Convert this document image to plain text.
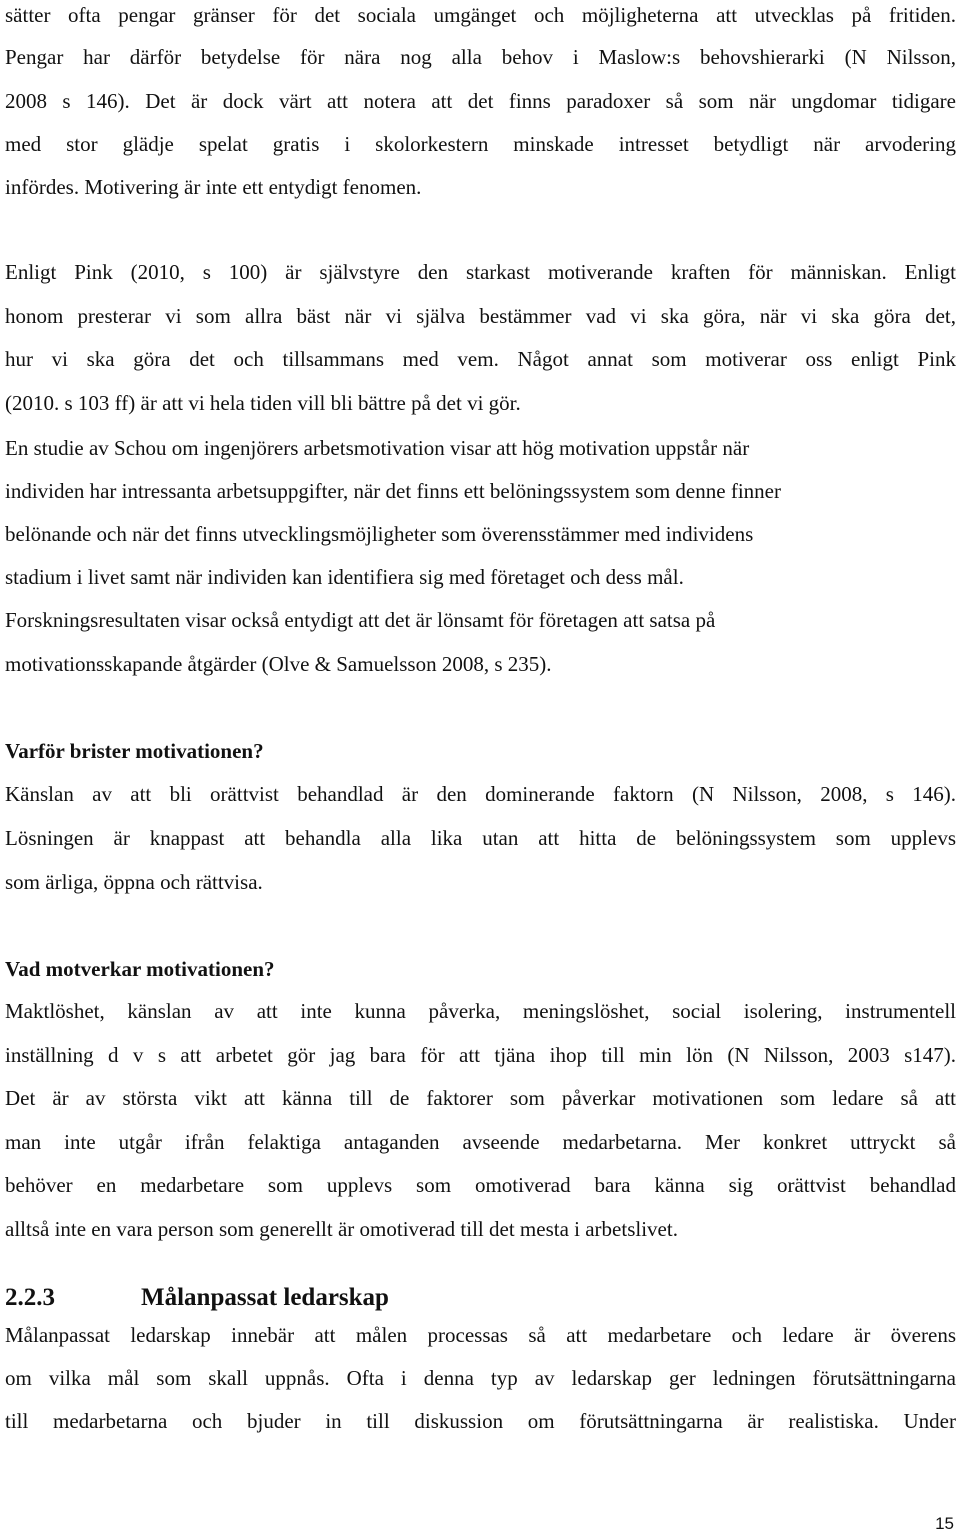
sätter ofta pengar gränser för det sociala umgänget och möjligheterna att utvecklas på fritiden.
Pengar har därför betydelse för nära nog alla behov i Maslow:s behovshierarki (N Nilsson,
2008 s 146). Det är dock värt att notera att det finns paradoxer så som när ungdomar tidigare
med stor glädje spelat gratis i skolorkestern minskade intresset betydligt när arvodering
infördes. Motivering är inte ett entydigt fenomen.
Enligt Pink (2010, s 100) är självstyre den starkast motiverande kraften för människan. Enligt
honom presterar vi som allra bäst när vi själva bestämmer vad vi ska göra, när vi ska göra det,
hur vi ska göra det och tillsammans med vem. Något annat som motiverar oss enligt Pink
(2010. s 103 ff) är att vi hela tiden vill bli bättre på det vi gör.
En studie av Schou om ingenjörers arbetsmotivation visar att hög motivation uppstår när
individen har intressanta arbetsuppgifter, när det finns ett belöningssystem som denne finner
belönande och när det finns utvecklingsmöjligheter som överensstämmer med individens
stadium i livet samt när individen kan identifiera sig med företaget och dess mål.
Forskningsresultaten visar också entydigt att det är lönsamt för företagen att satsa på
motivationsskapande åtgärder (Olve & Samuelsson 2008, s 235).
Varför brister motivationen?
Känslan av att bli orättvist behandlad är den dominerande faktorn (N Nilsson, 2008, s 146).
Lösningen är knappast att behandla alla lika utan att hitta de belöningssystem som upplevs
som ärliga, öppna och rättvisa.
Vad motverkar motivationen?
Maktlöshet, känslan av att inte kunna påverka, meningslöshet, social isolering, instrumentell
inställning d v s att arbetet gör jag bara för att tjäna ihop till min lön (N Nilsson, 2003 s147).
Det är av största vikt att känna till de faktorer som påverkar motivationen som ledare så att
man inte utgår ifrån felaktiga antaganden avseende medarbetarna. Mer konkret uttryckt så
behöver en medarbetare som upplevs som omotiverad bara känna sig orättvist behandlad
alltså inte en vara person som generellt är omotiverad till det mesta i arbetslivet.
2.2.3	Målanpassat ledarskap
Målanpassat ledarskap innebär att målen processas så att medarbetare och ledare är överens
om vilka mål som skall uppnås. Ofta i denna typ av ledarskap ger ledningen förutsättningarna
till medarbetarna och bjuder in till diskussion om förutsättningarna är realistiska. Under
15
